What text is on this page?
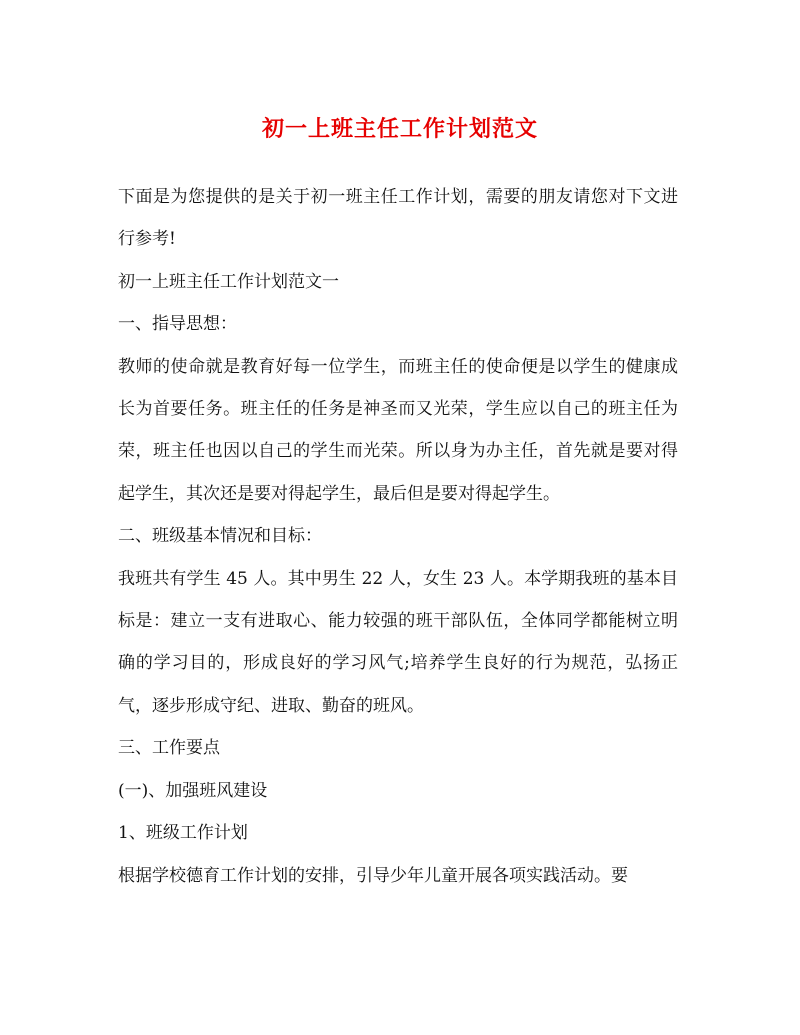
初一上班主任工作计划范文

下面是为您提供的是关于初一班主任工作计划，需要的朋友请您对下文进行参考!

初一上班主任工作计划范文一

一、指导思想：

教师的使命就是教育好每一位学生，而班主任的使命便是以学生的健康成长为首要任务。班主任的任务是神圣而又光荣，学生应以自己的班主任为荣，班主任也因以自己的学生而光荣。所以身为办主任，首先就是要对得起学生，其次还是要对得起学生，最后但是要对得起学生。

二、班级基本情况和目标：

我班共有学生 45 人。其中男生 22 人，女生 23 人。本学期我班的基本目标是：建立一支有进取心、能力较强的班干部队伍，全体同学都能树立明确的学习目的，形成良好的学习风气;培养学生良好的行为规范，弘扬正气，逐步形成守纪、进取、勤奋的班风。

三、工作要点

(一)、加强班风建设

1、班级工作计划

根据学校德育工作计划的安排，引导少年儿童开展各项实践活动。要
